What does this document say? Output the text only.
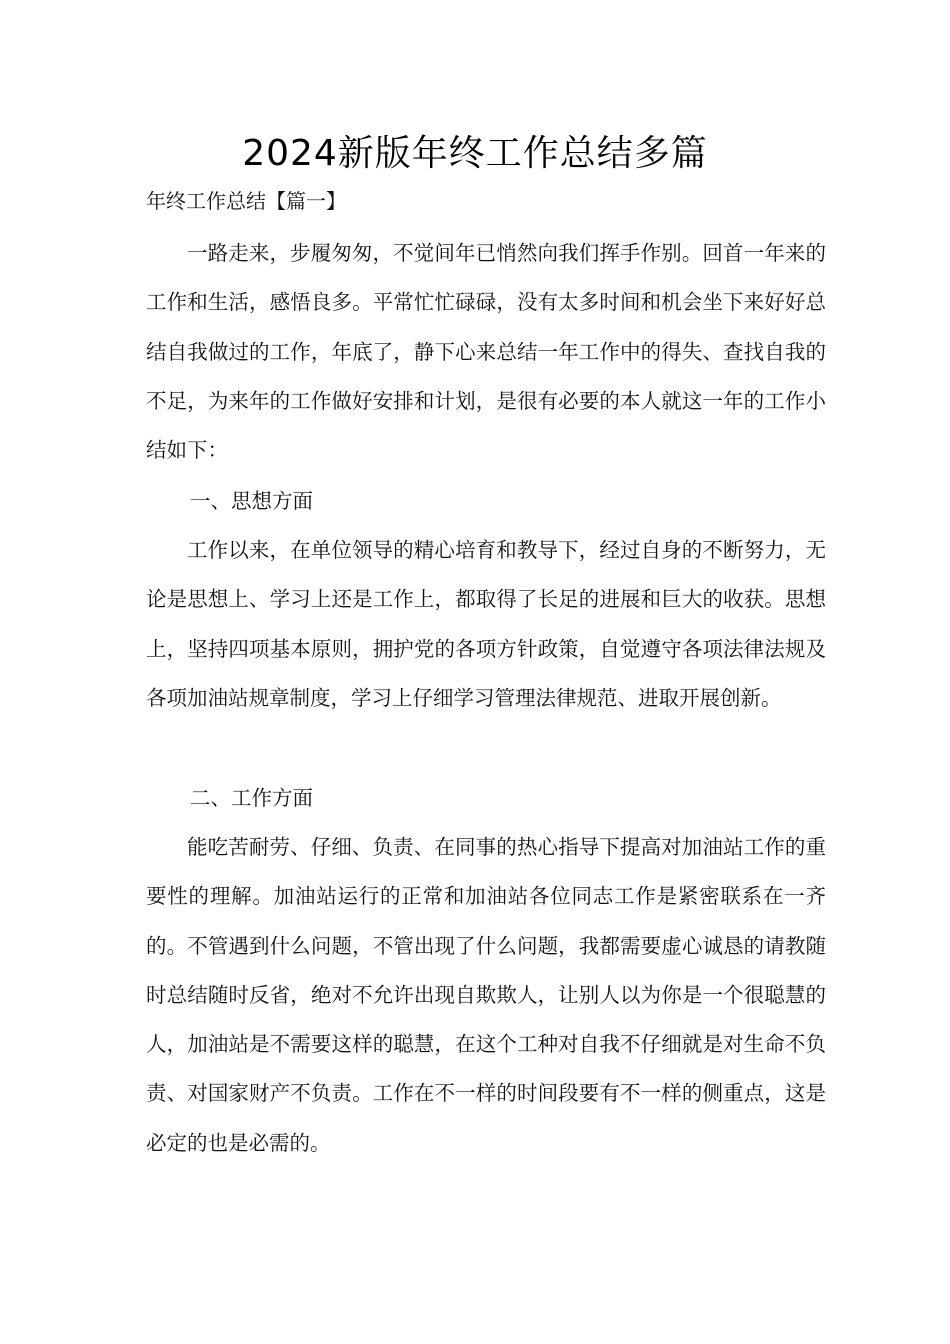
2024新版年终工作总结多篇
年终工作总结【篇一】

一路走来，步履匆匆，不觉间年已悄然向我们挥手作别。回首一年来的工作和生活，感悟良多。平常忙忙碌碌，没有太多时间和机会坐下来好好总结自我做过的工作，年底了，静下心来总结一年工作中的得失、查找自我的不足，为来年的工作做好安排和计划，是很有必要的本人就这一年的工作小结如下：

一、思想方面

工作以来，在单位领导的精心培育和教导下，经过自身的不断努力，无论是思想上、学习上还是工作上，都取得了长足的进展和巨大的收获。思想上，坚持四项基本原则，拥护党的各项方针政策，自觉遵守各项法律法规及各项加油站规章制度，学习上仔细学习管理法律规范、进取开展创新。

二、工作方面

能吃苦耐劳、仔细、负责、在同事的热心指导下提高对加油站工作的重要性的理解。加油站运行的正常和加油站各位同志工作是紧密联系在一齐的。不管遇到什么问题，不管出现了什么问题，我都需要虚心诚恳的请教随时总结随时反省，绝对不允许出现自欺欺人，让别人以为你是一个很聪慧的人，加油站是不需要这样的聪慧，在这个工种对自我不仔细就是对生命不负责、对国家财产不负责。工作在不一样的时间段要有不一样的侧重点，这是必定的也是必需的。
